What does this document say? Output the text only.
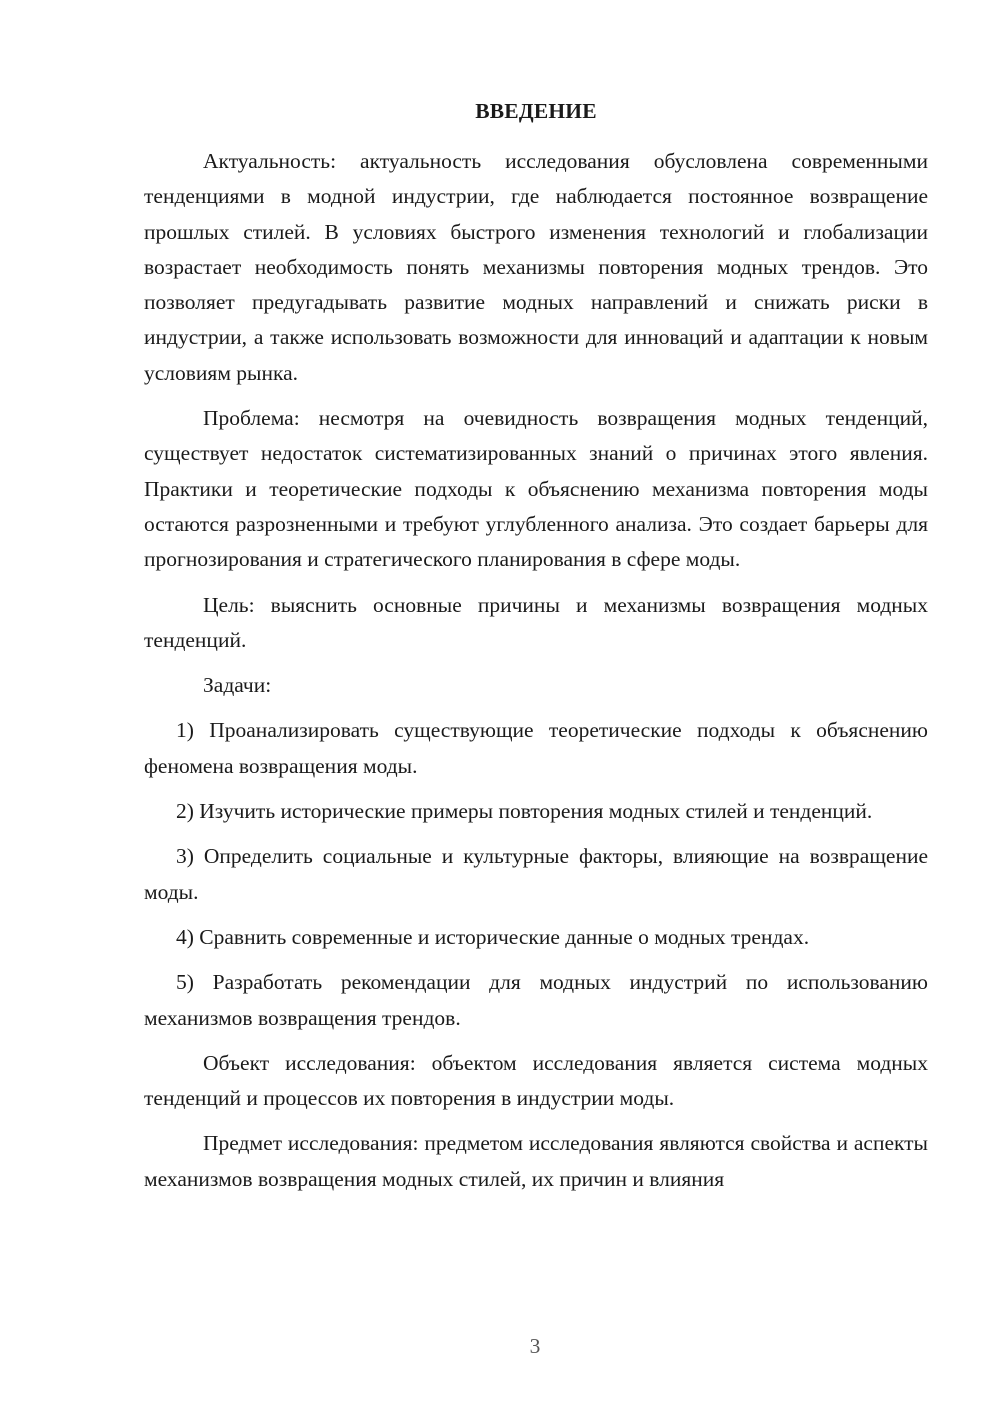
ВВЕДЕНИЕ

Актуальность: актуальность исследования обусловлена современными тенденциями в модной индустрии, где наблюдается постоянное возвращение прошлых стилей. В условиях быстрого изменения технологий и глобализации возрастает необходимость понять механизмы повторения модных трендов. Это позволяет предугадывать развитие модных направлений и снижать риски в индустрии, а также использовать возможности для инноваций и адаптации к новым условиям рынка.

Проблема: несмотря на очевидность возвращения модных тенденций, существует недостаток систематизированных знаний о причинах этого явления. Практики и теоретические подходы к объяснению механизма повторения моды остаются разрозненными и требуют углубленного анализа. Это создает барьеры для прогнозирования и стратегического планирования в сфере моды.

Цель: выяснить основные причины и механизмы возвращения модных тенденций.

Задачи:

1) Проанализировать существующие теоретические подходы к объяснению феномена возвращения моды.

2) Изучить исторические примеры повторения модных стилей и тенденций.

3) Определить социальные и культурные факторы, влияющие на возвращение моды.

4) Сравнить современные и исторические данные о модных трендах.

5) Разработать рекомендации для модных индустрий по использованию механизмов возвращения трендов.

Объект исследования: объектом исследования является система модных тенденций и процессов их повторения в индустрии моды.

Предмет исследования: предметом исследования являются свойства и аспекты механизмов возвращения модных стилей, их причин и влияния

3
